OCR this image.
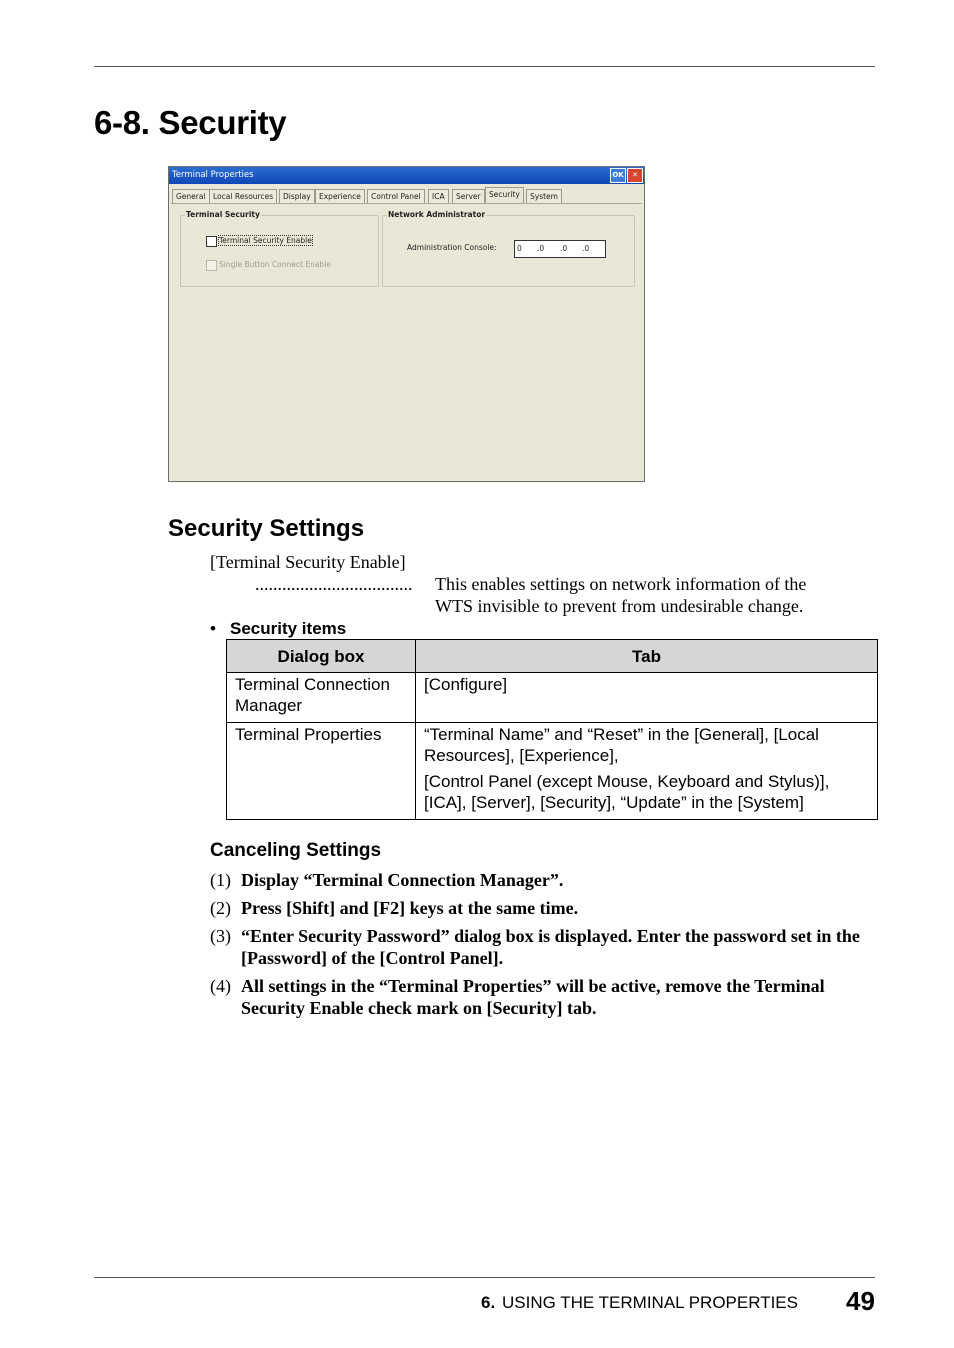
6-8. Security
Terminal Properties	OK	✕
General Local Resources	Display	Experience	Control Panel	ICA	Server	Security	System
Terminal Security
Terminal Security Enable
Single Button Connect Enable
Network Administrator
Administration Console:	0 .0 .0 .0
Security Settings
[Terminal Security Enable]
................................... This enables settings on network information of the
WTS invisible to prevent from undesirable change.
• Security items
Dialog box	Tab

Terminal Connection
Manager	[Configure]

Terminal Properties	“Terminal Name” and “Reset” in the [General], [Local Resources], [Experience],
[Control Panel (except Mouse, Keyboard and Stylus)], [ICA], [Server], [Security], “Update” in the [System]
Canceling Settings
(1) Display “Terminal Connection Manager”.
(2) Press [Shift] and [F2] keys at the same time.
(3) “Enter Security Password” dialog box is displayed. Enter the password set in the [Password] of the [Control Panel].
(4) All settings in the “Terminal Properties” will be active, remove the Terminal Security Enable check mark on [Security] tab.
6. USING THE TERMINAL PROPERTIES 49
